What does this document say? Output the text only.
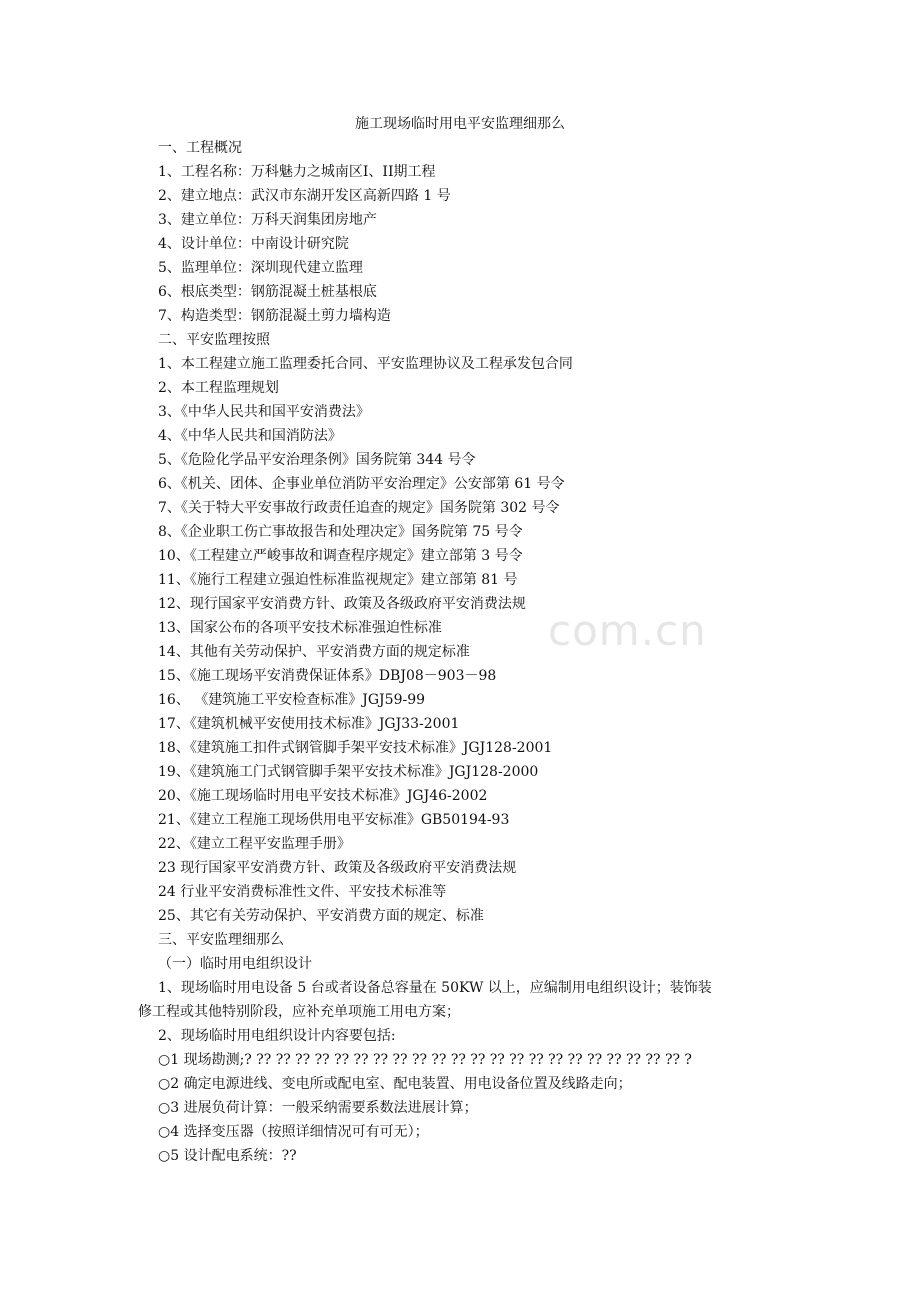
com.cn
施工现场临时用电平安监理细那么
一、工程概况
1、工程名称：万科魅力之城南区I、II期工程
2、建立地点：武汉市东湖开发区高新四路 1 号
3、建立单位：万科天润集团房地产
4、设计单位：中南设计研究院
5、监理单位：深圳现代建立监理
6、根底类型：钢筋混凝土桩基根底
7、构造类型：钢筋混凝土剪力墙构造
二、平安监理按照
1、本工程建立施工监理委托合同、平安监理协议及工程承发包合同
2、本工程监理规划
3、《中华人民共和国平安消费法》
4、《中华人民共和国消防法》
5、《危险化学品平安治理条例》国务院第 344 号令
6、《机关、团体、企事业单位消防平安治理定》公安部第 61 号令
7、《关于特大平安事故行政责任追查的规定》国务院第 302 号令
8、《企业职工伤亡事故报告和处理决定》国务院第 75 号令
10、《工程建立严峻事故和调查程序规定》建立部第 3 号令
11、《施行工程建立强迫性标准监视规定》建立部第 81 号
12、现行国家平安消费方针、政策及各级政府平安消费法规
13、国家公布的各项平安技术标准强迫性标准
14、其他有关劳动保护、平安消费方面的规定标准
15、《施工现场平安消费保证体系》DBJ08－903－98
16、 《建筑施工平安检查标准》JGJ59-99
17、《建筑机械平安使用技术标准》JGJ33-2001
18、《建筑施工扣件式钢管脚手架平安技术标准》JGJ128-2001
19、《建筑施工门式钢管脚手架平安技术标准》JGJ128-2000
20、《施工现场临时用电平安技术标准》JGJ46-2002
21、《建立工程施工现场供用电平安标准》GB50194-93
22、《建立工程平安监理手册》
23 现行国家平安消费方针、政策及各级政府平安消费法规
24 行业平安消费标准性文件、平安技术标准等
25、其它有关劳动保护、平安消费方面的规定、标准
三、平安监理细那么
（一）临时用电组织设计
1、现场临时用电设备 5 台或者设备总容量在 50KW 以上，应编制用电组织设计；装饰装
修工程或其他特别阶段，应补充单项施工用电方案；
2、现场临时用电组织设计内容要包括:
○1 现场勘测;? ?? ?? ?? ?? ?? ?? ?? ?? ?? ?? ?? ?? ?? ?? ?? ?? ?? ?? ?? ?? ?? ?? ?
○2 确定电源进线、变电所或配电室、配电装置、用电设备位置及线路走向；
○3 进展负荷计算：一般采纳需要系数法进展计算；
○4 选择变压器（按照详细情况可有可无）；
○5 设计配电系统：??
